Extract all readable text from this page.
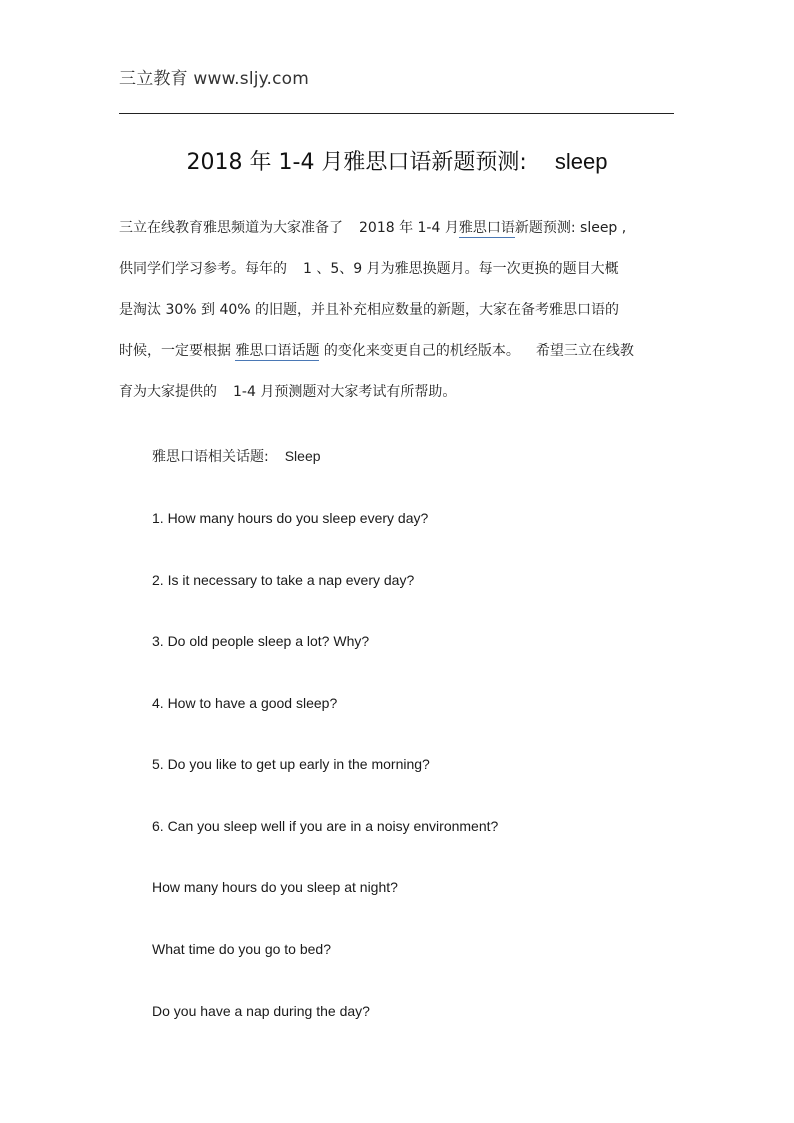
三立教育 www.sljy.com
2018 年 1-4 月雅思口语新题预测: sleep
三立在线教育雅思频道为大家准备了 2018 年 1-4 月雅思口语新题预测: sleep ,
供同学们学习参考。每年的 1 、5、9 月为雅思换题月。每一次更换的题目大概
是淘汰 30% 到 40% 的旧题，并且补充相应数量的新题，大家在备考雅思口语的
时候，一定要根据 雅思口语话题 的变化来变更自己的机经版本。 希望三立在线教
育为大家提供的 1-4 月预测题对大家考试有所帮助。
雅思口语相关话题: Sleep
1. How many hours do you sleep every day?
2. Is it necessary to take a nap every day?
3. Do old people sleep a lot? Why?
4. How to have a good sleep?
5. Do you like to get up early in the morning?
6. Can you sleep well if you are in a noisy environment?
How many hours do you sleep at night?
What time do you go to bed?
Do you have a nap during the day?
